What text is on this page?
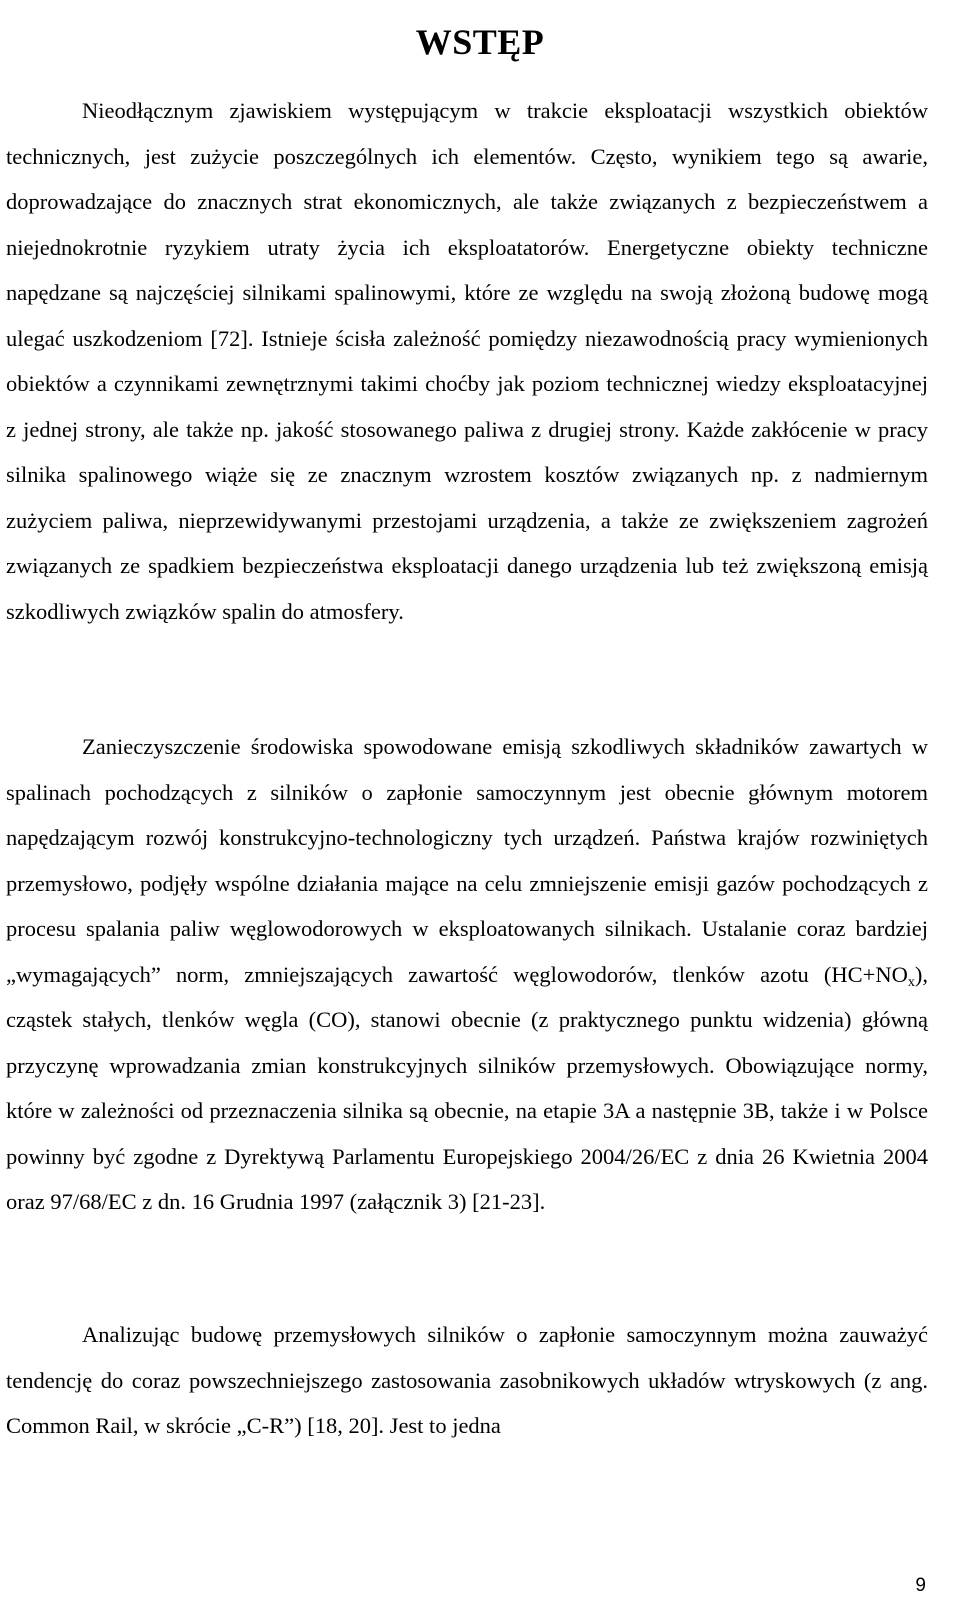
WSTĘP

Nieodłącznym zjawiskiem występującym w trakcie eksploatacji wszystkich obiektów technicznych, jest zużycie poszczególnych ich elementów. Często, wynikiem tego są awarie, doprowadzające do znacznych strat ekonomicznych, ale także związanych z bezpieczeństwem a niejednokrotnie ryzykiem utraty życia ich eksploatatorów. Energetyczne obiekty techniczne napędzane są najczęściej silnikami spalinowymi, które ze względu na swoją złożoną budowę mogą ulegać uszkodzeniom [72]. Istnieje ścisła zależność pomiędzy niezawodnością pracy wymienionych obiektów a czynnikami zewnętrznymi takimi choćby jak poziom technicznej wiedzy eksploatacyjnej z jednej strony, ale także np. jakość stosowanego paliwa z drugiej strony. Każde zakłócenie w pracy silnika spalinowego wiąże się ze znacznym wzrostem kosztów związanych np. z nadmiernym zużyciem paliwa, nieprzewidywanymi przestojami urządzenia, a także ze zwiększeniem zagrożeń związanych ze spadkiem bezpieczeństwa eksploatacji danego urządzenia lub też zwiększoną emisją szkodliwych związków spalin do atmosfery.

Zanieczyszczenie środowiska spowodowane emisją szkodliwych składników zawartych w spalinach pochodzących z silników o zapłonie samoczynnym jest obecnie głównym motorem napędzającym rozwój konstrukcyjno-technologiczny tych urządzeń. Państwa krajów rozwiniętych przemysłowo, podjęły wspólne działania mające na celu zmniejszenie emisji gazów pochodzących z procesu spalania paliw węglowodorowych w eksploatowanych silnikach. Ustalanie coraz bardziej „wymagających” norm, zmniejszających zawartość węglowodorów, tlenków azotu $(HC+NO_x)$, cząstek stałych, tlenków węgla (CO), stanowi obecnie (z praktycznego punktu widzenia) główną przyczynę wprowadzania zmian konstrukcyjnych silników przemysłowych. Obowiązujące normy, które w zależności od przeznaczenia silnika są obecnie, na etapie 3A a następnie 3B, także i w Polsce powinny być zgodne z Dyrektywą Parlamentu Europejskiego 2004/26/EC z dnia 26 Kwietnia 2004 oraz 97/68/EC z dn. 16 Grudnia 1997 (załącznik 3) [21-23].

Analizując budowę przemysłowych silników o zapłonie samoczynnym można zauważyć tendencję do coraz powszechniejszego zastosowania zasobnikowych układów wtryskowych (z ang. Common Rail, w skrócie „C-R”) [18, 20]. Jest to jedna

9
